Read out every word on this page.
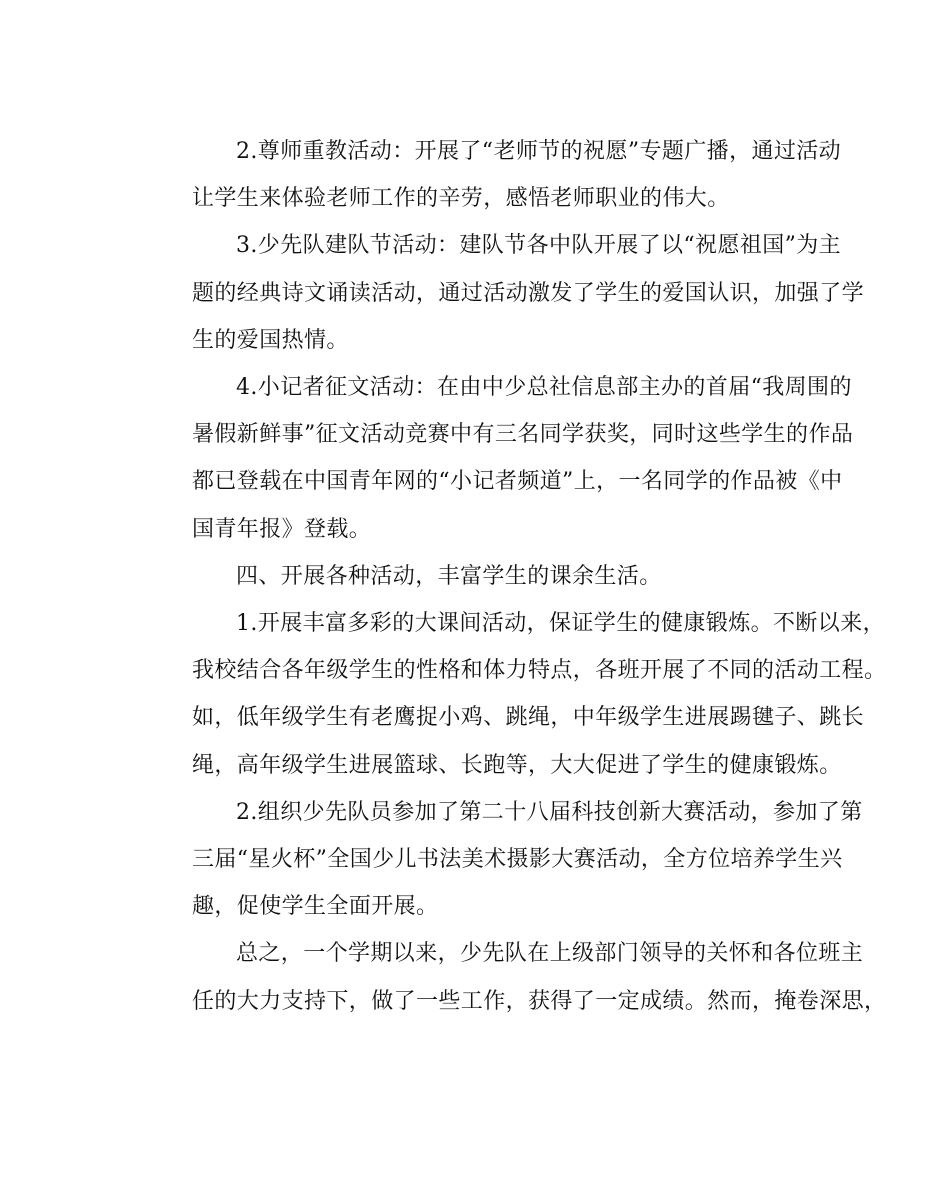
2.尊师重教活动：开展了“老师节的祝愿”专题广播，通过活动
让学生来体验老师工作的辛劳，感悟老师职业的伟大。
3.少先队建队节活动：建队节各中队开展了以“祝愿祖国”为主
题的经典诗文诵读活动，通过活动激发了学生的爱国认识，加强了学
生的爱国热情。
4.小记者征文活动：在由中少总社信息部主办的首届“我周围的
暑假新鲜事”征文活动竞赛中有三名同学获奖，同时这些学生的作品
都已登载在中国青年网的“小记者频道”上，一名同学的作品被《中
国青年报》登载。
四、开展各种活动，丰富学生的课余生活。
1.开展丰富多彩的大课间活动，保证学生的健康锻炼。不断以来，
我校结合各年级学生的性格和体力特点，各班开展了不同的活动工程。
如，低年级学生有老鹰捉小鸡、跳绳，中年级学生进展踢毽子、跳长
绳，高年级学生进展篮球、长跑等，大大促进了学生的健康锻炼。
2.组织少先队员参加了第二十八届科技创新大赛活动，参加了第
三届“星火杯”全国少儿书法美术摄影大赛活动，全方位培养学生兴
趣，促使学生全面开展。
总之，一个学期以来，少先队在上级部门领导的关怀和各位班主
任的大力支持下，做了一些工作，获得了一定成绩。然而，掩卷深思，
